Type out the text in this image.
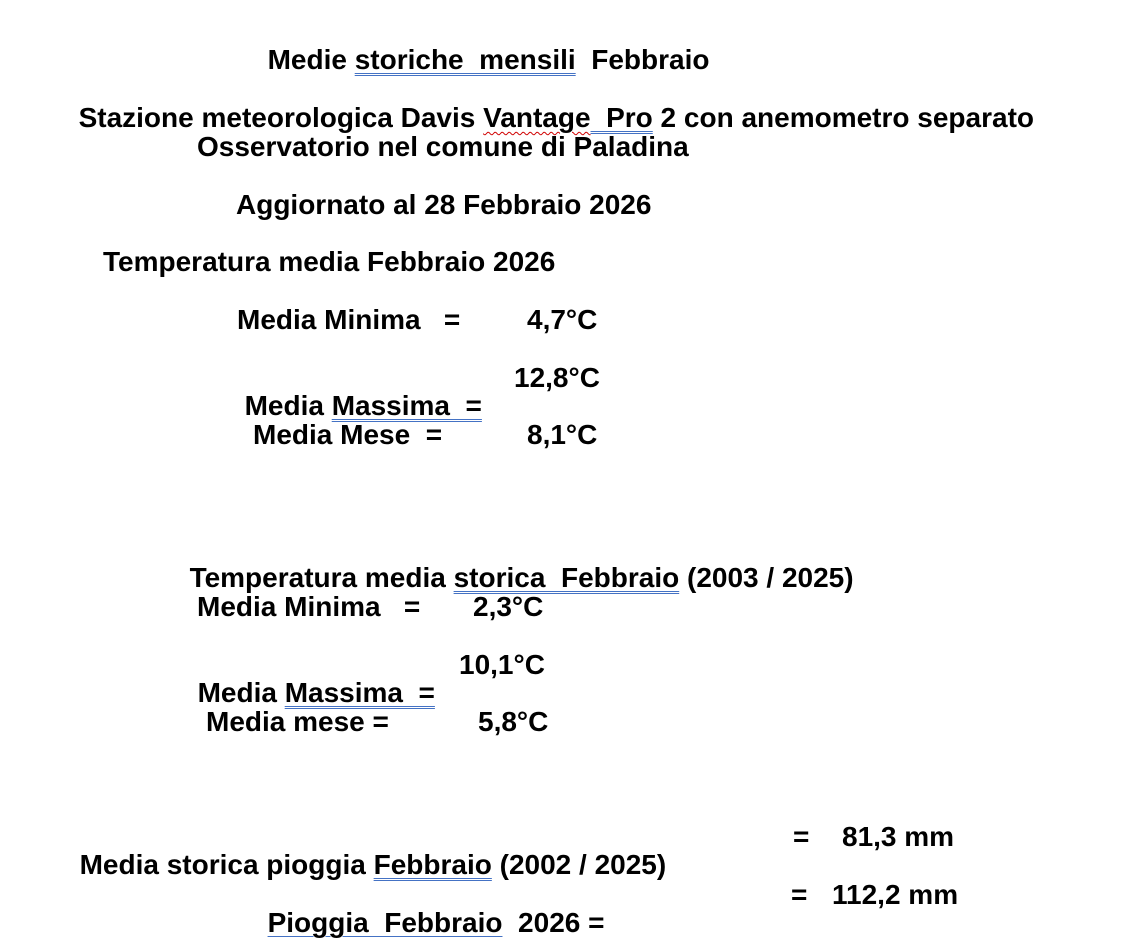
Medie storiche  mensili  Febbraio

Stazione meteorologica Davis Vantage  Pro 2 con anemometro separato

Osservatorio nel comune di Paladina
Aggiornato al 28 Febbraio 2026
Temperatura media Febbraio 2026
Media Minima   = 4,7°C

Media Massima  =

12,8°C
Media Mese  =	8,1°C

Temperatura media storica  Febbraio (2003 / 2025)

Media Minima   = 2,3°C

Media Massima  =

10,1°C
Media mese =	5,8°C

Media storica pioggia Febbraio (2002 / 2025)

= 81,3 mm

Pioggia  Febbraio  2026 =

= 112,2 mm
